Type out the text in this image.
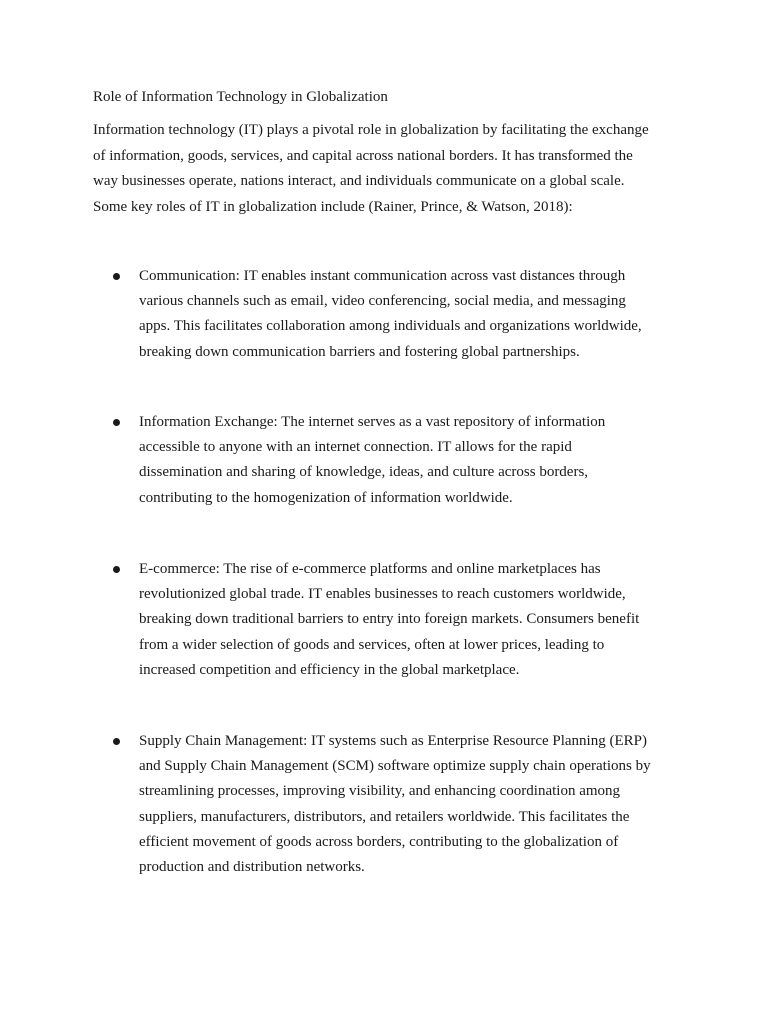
Role of Information Technology in Globalization
Information technology (IT) plays a pivotal role in globalization by facilitating the exchange
of information, goods, services, and capital across national borders. It has transformed the
way businesses operate, nations interact, and individuals communicate on a global scale.
Some key roles of IT in globalization include (Rainer, Prince, & Watson, 2018):
Communication: IT enables instant communication across vast distances through
various channels such as email, video conferencing, social media, and messaging
apps. This facilitates collaboration among individuals and organizations worldwide,
breaking down communication barriers and fostering global partnerships.
Information Exchange: The internet serves as a vast repository of information
accessible to anyone with an internet connection. IT allows for the rapid
dissemination and sharing of knowledge, ideas, and culture across borders,
contributing to the homogenization of information worldwide.
E-commerce: The rise of e-commerce platforms and online marketplaces has
revolutionized global trade. IT enables businesses to reach customers worldwide,
breaking down traditional barriers to entry into foreign markets. Consumers benefit
from a wider selection of goods and services, often at lower prices, leading to
increased competition and efficiency in the global marketplace.
Supply Chain Management: IT systems such as Enterprise Resource Planning (ERP)
and Supply Chain Management (SCM) software optimize supply chain operations by
streamlining processes, improving visibility, and enhancing coordination among
suppliers, manufacturers, distributors, and retailers worldwide. This facilitates the
efficient movement of goods across borders, contributing to the globalization of
production and distribution networks.
